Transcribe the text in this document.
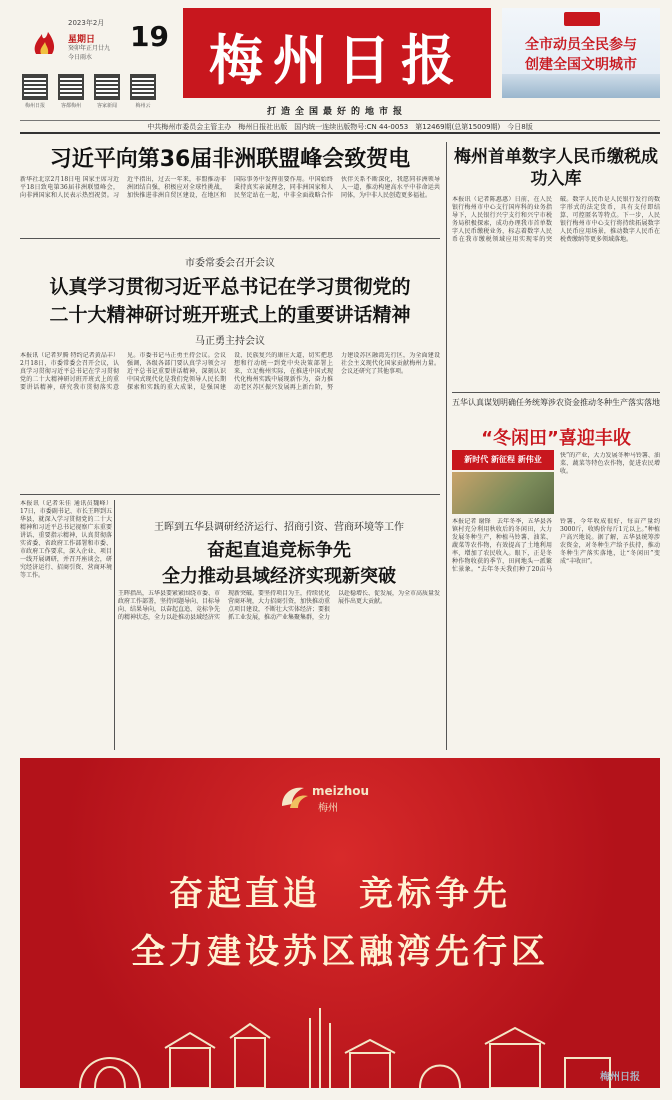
2023年2月
星期日 19
癸卯年正月廿九
今日雨水
梅州日报	客都梅州	客家新闻	梅州云
梅州日报
打造全国最好的地市报
全市动员全民参与
创建全国文明城市
中共梅州市委员会主管主办　梅州日报社出版　国内统一连续出版物号:CN 44-0053　第12469期(总第15009期)　今日8版
习近平向第36届非洲联盟峰会致贺电
新华社北京2月18日电 国家主席习近平18日致电第36届非洲联盟峰会，向非洲国家和人民表示热烈祝贺。习近平指出，过去一年来，非盟推动非洲团结自强，积极应对全球性挑战，加快推进非洲自贸区建设，在地区和国际事务中发挥重要作用。中国始终秉持真实亲诚理念，同非洲国家和人民坚定站在一起，中非全面战略合作伙伴关系不断深化，我愿同非洲领导人一道，推动构建高水平中非命运共同体，为中非人民创造更多福祉。
市委常委会召开会议
认真学习贯彻习近平总书记在学习贯彻党的
二十大精神研讨班开班式上的重要讲话精神
马正勇主持会议
本报讯（记者罗腾 特约记者黄品丰）2月18日，市委常委会召开会议，认真学习贯彻习近平总书记在学习贯彻党的二十大精神研讨班开班式上的重要讲话精神，研究我市贯彻落实意见。市委书记马正勇主持会议。会议强调，各级各部门要认真学习领会习近平总书记重要讲话精神，深刻认识中国式现代化是我们党领导人民长期探索和实践的重大成果，是强国建设、民族复兴的康庄大道，切实把思想和行动统一到党中央决策部署上来，立足梅州实际，在推进中国式现代化梅州实践中展现新作为，奋力推动老区苏区振兴发展再上新台阶，努力建设苏区融湾先行区，为全面建设社会主义现代化国家贡献梅州力量。会议还研究了其他事项。
本报讯（记者朱佳 通讯员魏峰）17日，市委副书记、市长王晖到五华县，就深入学习贯彻党的二十大精神和习近平总书记视察广东重要讲话、重要指示精神，认真贯彻落实省委、省政府工作部署和市委、市政府工作要求，深入企业、项目一线开展调研，并召开座谈会，研究经济运行、招商引资、营商环境等工作。
王晖到五华县调研经济运行、招商引资、营商环境等工作
奋起直追竞标争先
全力推动县域经济实现新突破
王晖指出，五华县要紧紧围绕市委、市政府工作部署，坚持问题导向、目标导向、结果导向，以奋起直追、竞标争先的精神状态，全力以赴推动县域经济实现新突破。要坚持项目为王，持续优化营商环境，大力招商引资，加快推动重点项目建设，不断壮大实体经济；要狠抓工业发展，推动产业集聚集群，全力以赴稳增长、促发展，为全市高质量发展作出更大贡献。
梅州首单数字人民币缴税成功入库
本报讯（记者陈惠惠）日前，在人民银行梅州市中心支行国库科的业务指导下，人民银行兴宁支行和兴宁市税务局积极探索，成功办理我市首单数字人民币缴税业务，标志着数字人民币在我市缴税领域应用实现零的突破。数字人民币是人民银行发行的数字形式的法定货币，具有支付即结算、可控匿名等特点。下一步，人民银行梅州市中心支行将持续拓展数字人民币应用场景，推动数字人民币在税费缴纳等更多领域落地。
五华认真谋划明确任务统筹涉农资金推动冬种生产落实落地
“冬闲田”喜迎丰收
新时代 新征程 新伟业	快”的产业，大力发展冬种马铃薯、油菜、蔬菜等特色农作物，促进农民增收。
本报记者 谢锋　去年冬季，五华县各镇村充分利用秋收后的冬闲田，大力发展冬种生产，种植马铃薯、油菜、蔬菜等农作物，有效提高了土地利用率，增加了农民收入。眼下，正是冬种作物收获的季节，田间地头一派繁忙景象。“去年冬天我们种了20亩马铃薯，今年收成很好，每亩产量约3000斤，收购价每斤1元以上。”种植户高兴地说。据了解，五华县统筹涉农资金，对冬种生产给予扶持，推动冬种生产落实落地，让“冬闲田”变成“丰收田”。
meizhou
梅州
奋起直追　竞标争先
全力建设苏区融湾先行区
梅州日报
